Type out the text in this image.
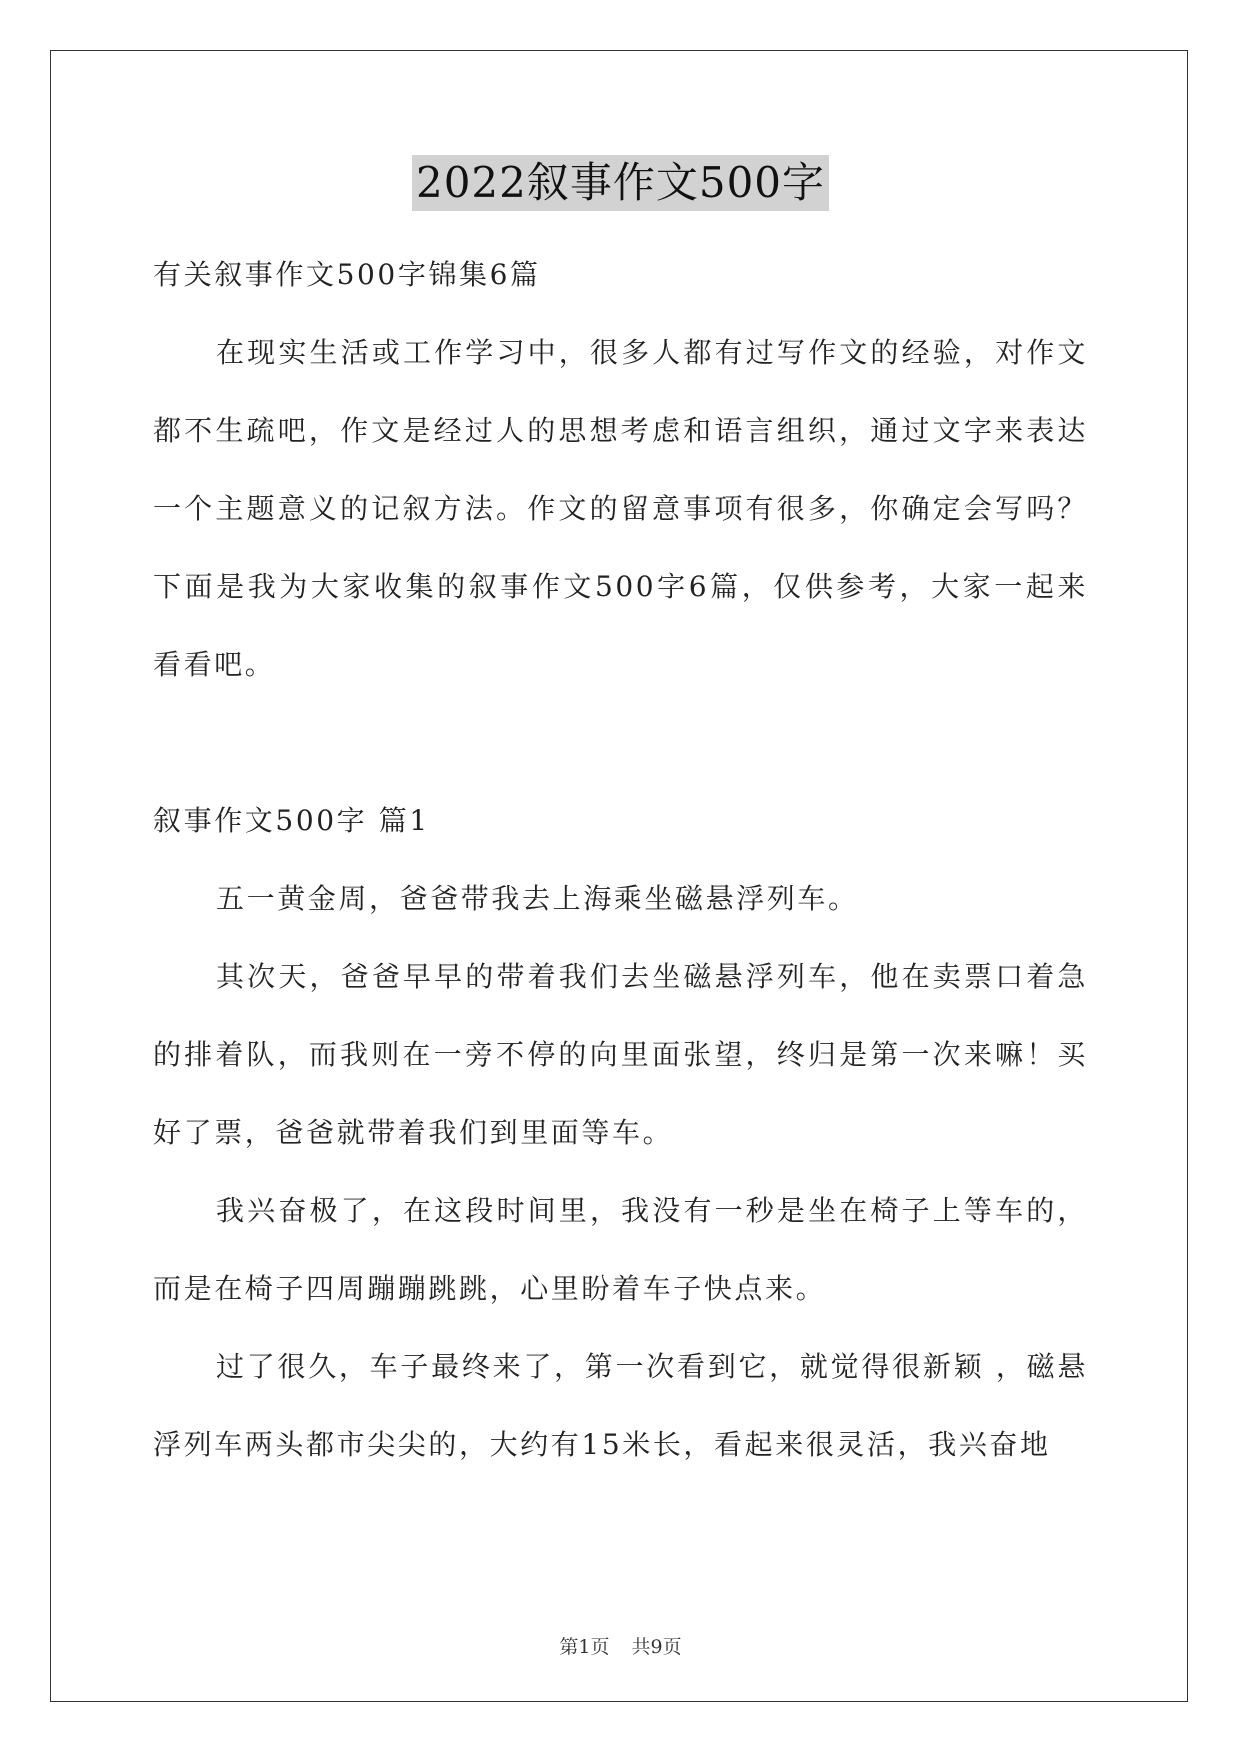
2022叙事作文500字

有关叙事作文500字锦集6篇

在现实生活或工作学习中，很多人都有过写作文的经验，对作文都不生疏吧，作文是经过人的思想考虑和语言组织，通过文字来表达一个主题意义的记叙方法。作文的留意事项有很多，你确定会写吗？下面是我为大家收集的叙事作文500字6篇，仅供参考，大家一起来看看吧。

叙事作文500字 篇1

五一黄金周，爸爸带我去上海乘坐磁悬浮列车。

其次天，爸爸早早的带着我们去坐磁悬浮列车，他在卖票口着急的排着队，而我则在一旁不停的向里面张望，终归是第一次来嘛！买好了票，爸爸就带着我们到里面等车。

我兴奋极了，在这段时间里，我没有一秒是坐在椅子上等车的，而是在椅子四周蹦蹦跳跳，心里盼着车子快点来。

过了很久，车子最终来了，第一次看到它，就觉得很新颖 ，磁悬浮列车两头都市尖尖的，大约有15米长，看起来很灵活，我兴奋地

第1页 共9页
